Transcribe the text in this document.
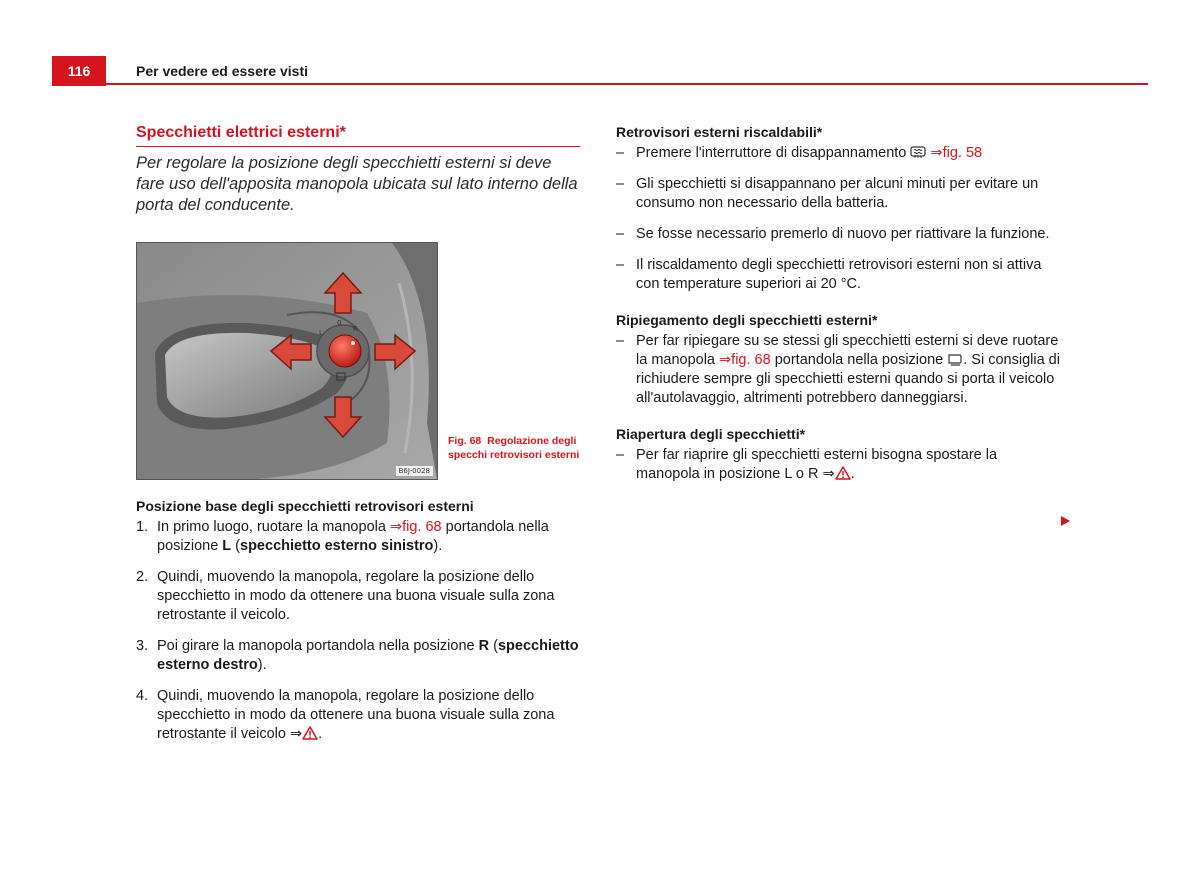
116	Per vedere ed essere visti
Specchietti elettrici esterni*

Per regolare la posizione degli specchietti esterni si deve fare uso dell'apposita manopola ubicata sul lato interno della porta del conducente.

L
0
R
B6J-0028
Fig. 68 Regolazione degli specchi retrovisori esterni
Posizione base degli specchietti retrovisori esterni
1. In primo luogo, ruotare la manopola ⇒fig. 68 portandola nella posizione L (specchietto esterno sinistro).
2. Quindi, muovendo la manopola, regolare la posizione dello specchietto in modo da ottenere una buona visuale sulla zona retrostante il veicolo.
3. Poi girare la manopola portandola nella posizione R (specchietto esterno destro).
4. Quindi, muovendo la manopola, regolare la posizione dello specchietto in modo da ottenere una buona visuale sulla zona retrostante il veicolo ⇒ .
Retrovisori esterni riscaldabili*
– Premere l'interruttore di disappannamento  ⇒fig. 58
– Gli specchietti si disappannano per alcuni minuti per evitare un consumo non necessario della batteria.
– Se fosse necessario premerlo di nuovo per riattivare la funzione.
– Il riscaldamento degli specchietti retrovisori esterni non si attiva con temperature superiori ai 20 °C.
Ripiegamento degli specchietti esterni*
– Per far ripiegare su se stessi gli specchietti esterni si deve ruotare la manopola ⇒fig. 68 portandola nella posizione . Si consiglia di richiudere sempre gli specchietti esterni quando si porta il veicolo all'autolavaggio, altrimenti potrebbero danneggiarsi.
Riapertura degli specchietti*
– Per far riaprire gli specchietti esterni bisogna spostare la manopola in posizione L o R ⇒ .
